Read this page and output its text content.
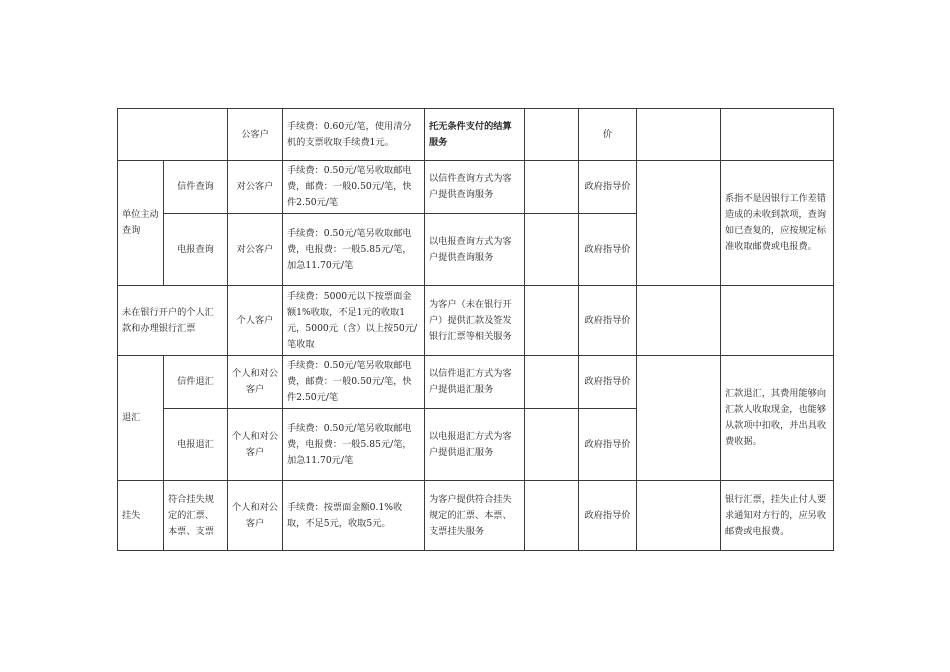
		公客户	手续费：0.60元/笔，使用清分机的支票收取手续费1元。	托无条件支付的结算服务		价		
单位主动查询	信件查询	对公客户	手续费：0.50元/笔另收取邮电费，邮费：一般0.50元/笔，快件2.50元/笔	以信件查询方式为客户提供查询服务		政府指导价		系指不是因银行工作差错造成的未收到款项，查询如已查复的，应按规定标准收取邮费或电报费。
	电报查询	对公客户	手续费：0.50元/笔另收取邮电费，电报费：一般5.85元/笔，加急11.70元/笔	以电报查询方式为客户提供查询服务		政府指导价		
未在银行开户的个人汇款和办理银行汇票		个人客户	手续费：5000元以下按票面金额1%收取，不足1元的收取1元，5000元（含）以上按50元/笔收取	为客户（未在银行开户）提供汇款及签发银行汇票等相关服务		政府指导价		
退汇	信件退汇	个人和对公客户	手续费：0.50元/笔另收取邮电费，邮费：一般0.50元/笔，快件2.50元/笔	以信件退汇方式为客户提供退汇服务		政府指导价		汇款退汇，其费用能够向汇款人收取现金，也能够从款项中扣收，并出具收费收据。
	电报退汇	个人和对公客户	手续费：0.50元/笔另收取邮电费，电报费：一般5.85元/笔，加急11.70元/笔	以电报退汇方式为客户提供退汇服务		政府指导价		
挂失	符合挂失规定的汇票、本票、支票	个人和对公客户	手续费：按票面金额0.1%收取，不足5元，收取5元。	为客户提供符合挂失规定的汇票、本票、支票挂失服务		政府指导价		银行汇票，挂失止付人要求通知对方行的，应另收邮费或电报费。
